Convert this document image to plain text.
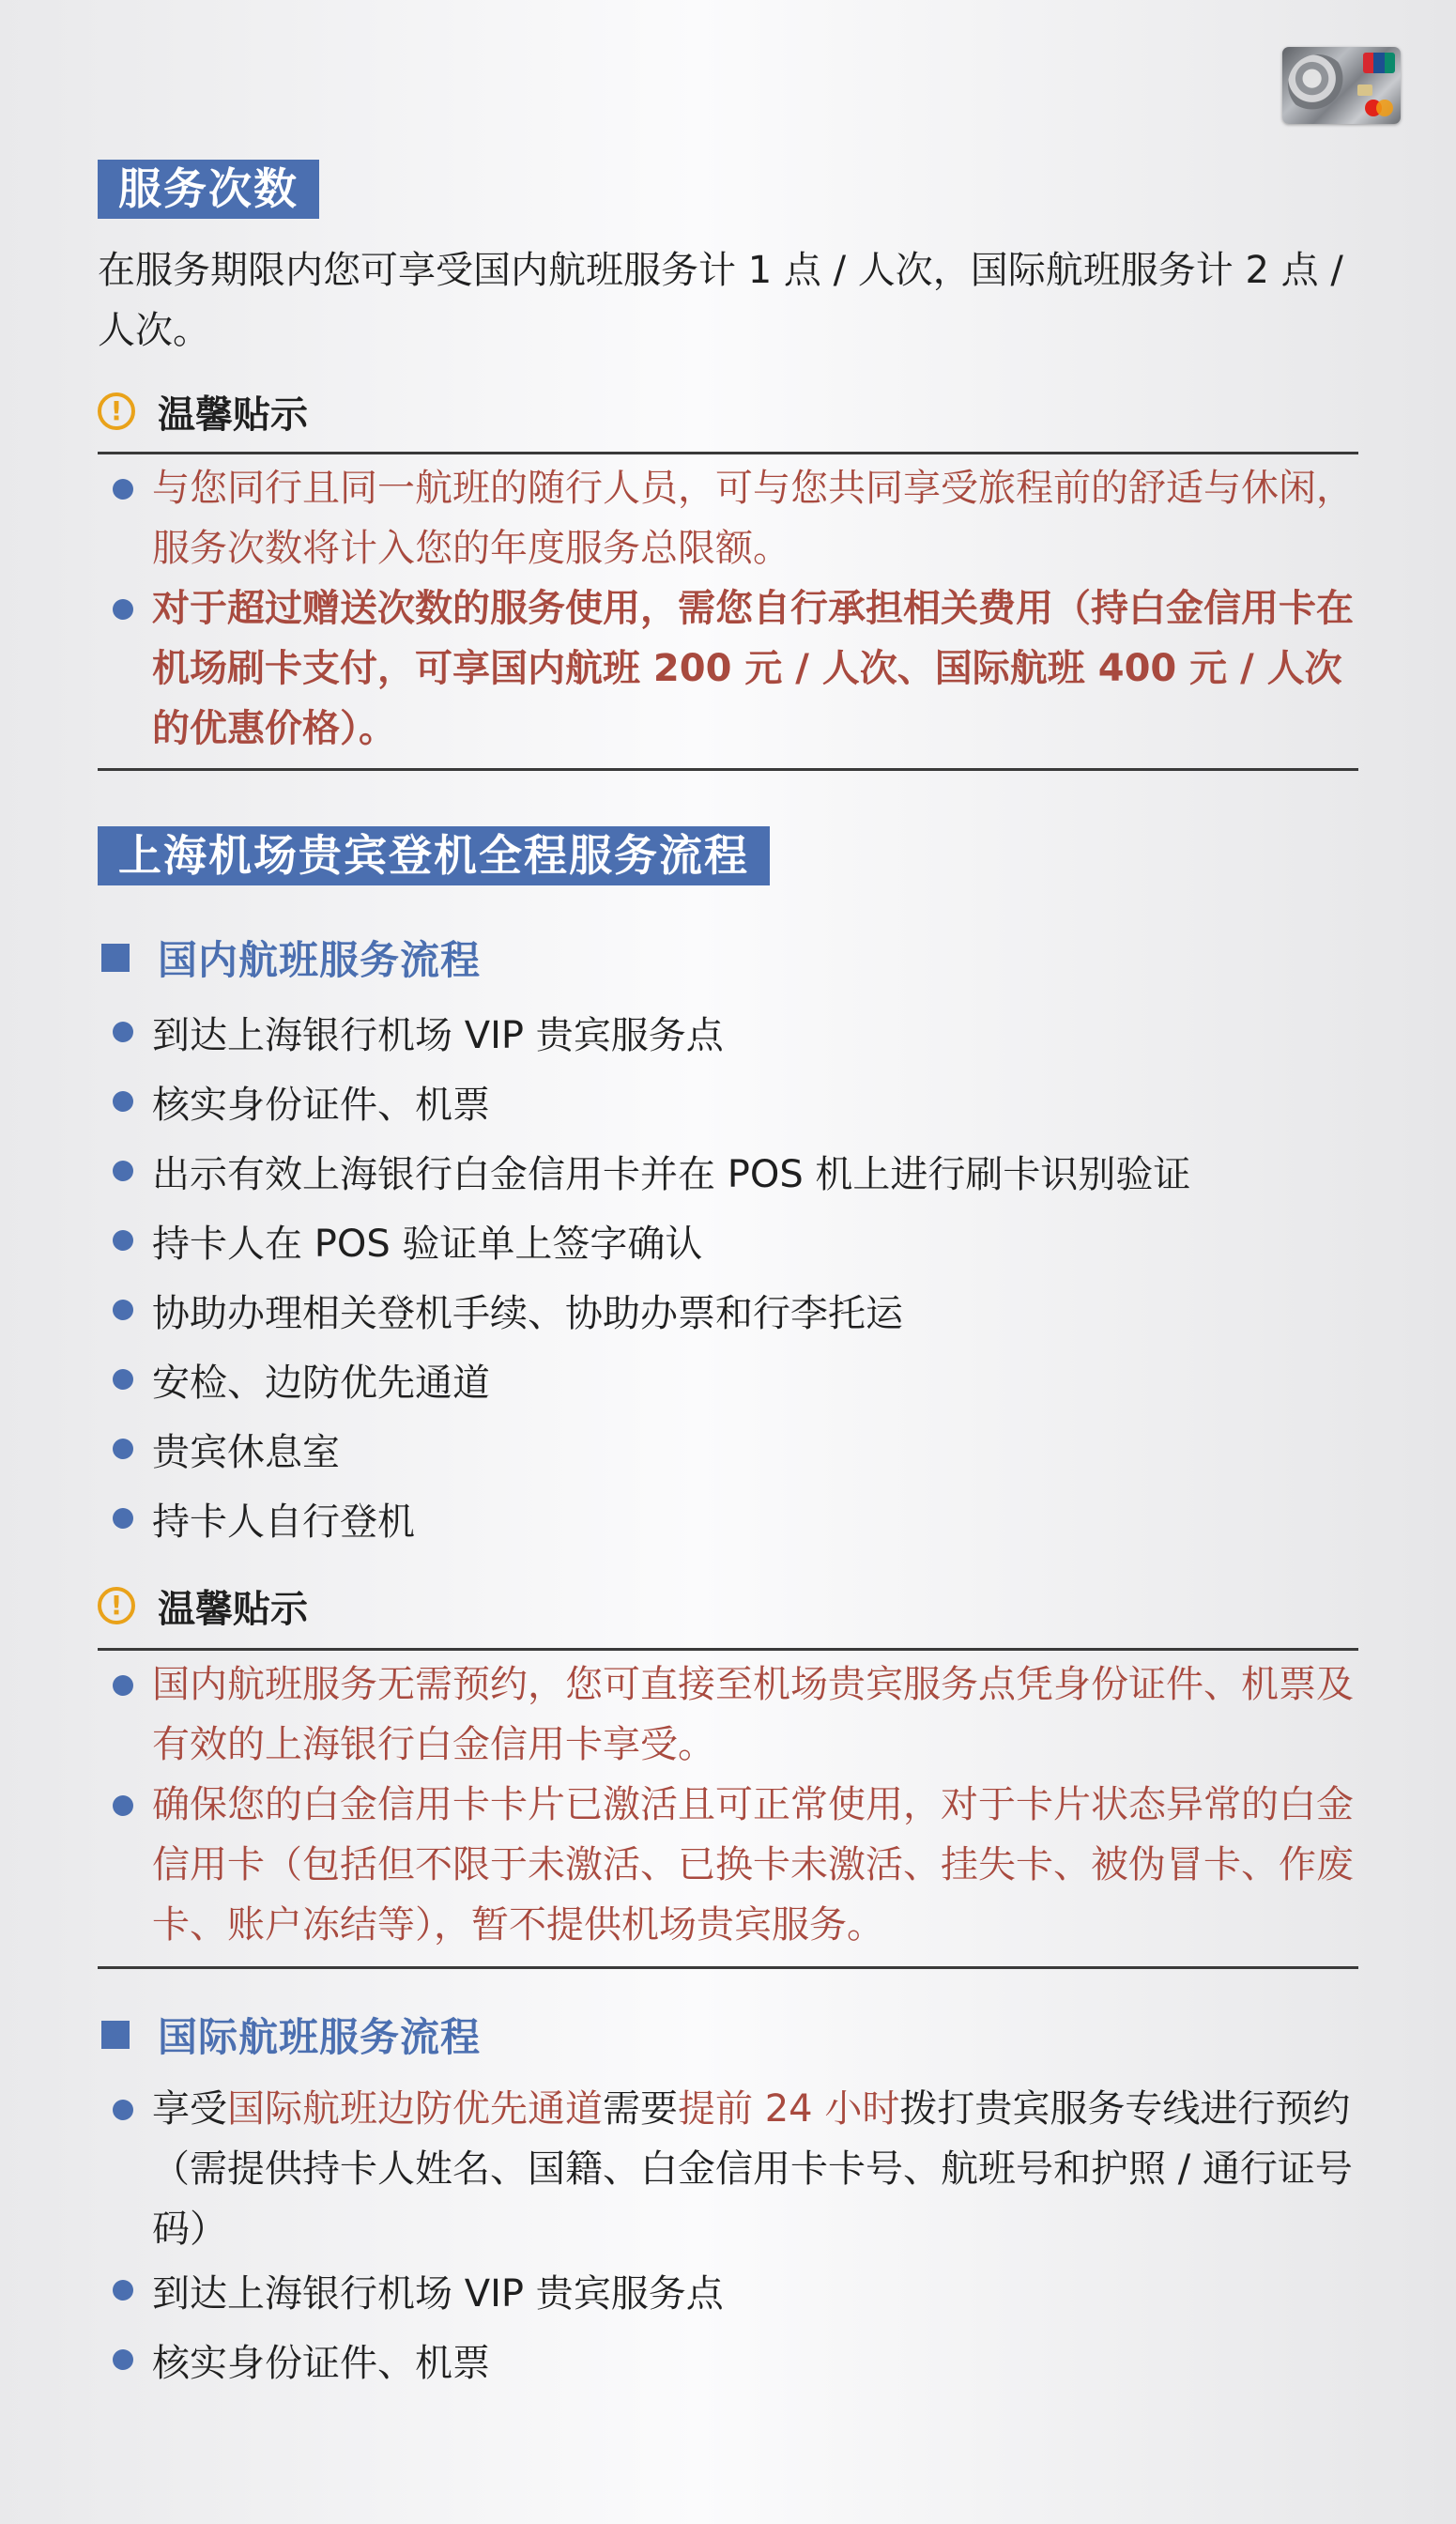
服务次数
在服务期限内您可享受国内航班服务计 1 点 / 人次，国际航班服务计 2 点 / 人次。
! 温馨贴示
与您同行且同一航班的随行人员，可与您共同享受旅程前的舒适与休闲，服务次数将计入您的年度服务总限额。
对于超过赠送次数的服务使用，需您自行承担相关费用（持白金信用卡在机场刷卡支付，可享国内航班 200 元 / 人次、国际航班 400 元 / 人次的优惠价格）。
上海机场贵宾登机全程服务流程
国内航班服务流程
到达上海银行机场 VIP 贵宾服务点
核实身份证件、机票
出示有效上海银行白金信用卡并在 POS 机上进行刷卡识别验证
持卡人在 POS 验证单上签字确认
协助办理相关登机手续、协助办票和行李托运
安检、边防优先通道
贵宾休息室
持卡人自行登机
! 温馨贴示
国内航班服务无需预约，您可直接至机场贵宾服务点凭身份证件、机票及有效的上海银行白金信用卡享受。
确保您的白金信用卡卡片已激活且可正常使用，对于卡片状态异常的白金信用卡（包括但不限于未激活、已换卡未激活、挂失卡、被伪冒卡、作废卡、账户冻结等），暂不提供机场贵宾服务。
国际航班服务流程
享受国际航班边防优先通道需要提前 24 小时拨打贵宾服务专线进行预约（需提供持卡人姓名、国籍、白金信用卡卡号、航班号和护照 / 通行证号码）
到达上海银行机场 VIP 贵宾服务点
核实身份证件、机票
